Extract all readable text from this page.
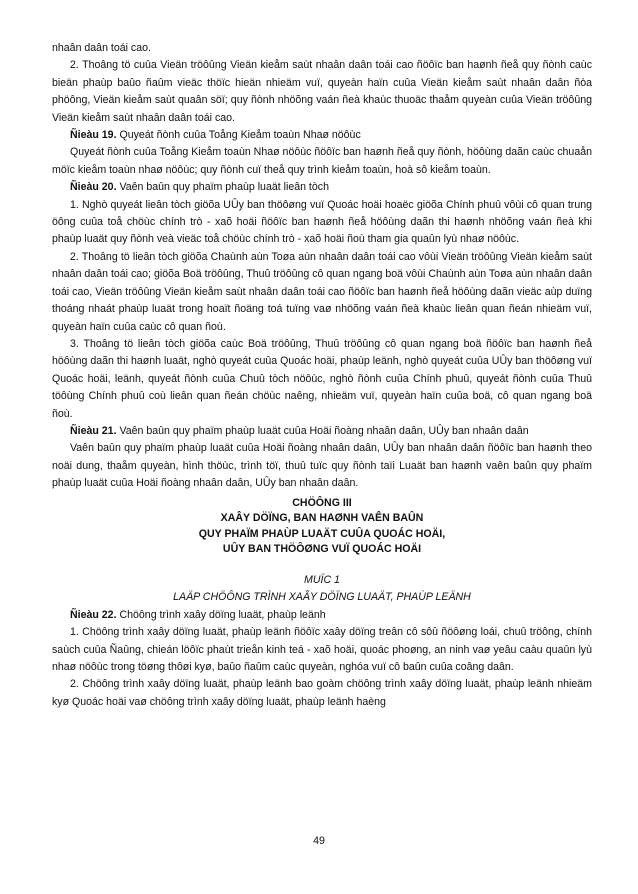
nhaân daân toái cao.

2. Thoâng tö cuûa Vieän tröôûng Vieän kieåm saùt nhaân daân toái cao ñöôïc ban haønh ñeå quy ñònh caùc bieän phaùp baûo ñaûm vieäc thöïc hieän nhieäm vuï, quyeàn haïn cuûa Vieän kieåm saùt nhaân daân ñòa phöông, Vieän kieåm saùt quaân söï; quy ñònh nhöõng vaán ñeà khaùc thuoäc thaåm quyeàn cuûa Vieän tröôûng Vieän kieåm saùt nhaân daân toái cao.

Ñieàu 19. Quyeát ñònh cuûa Toång Kieåm toaùn Nhaø nöôùc

Quyeát ñònh cuûa Toång Kieåm toaùn Nhaø nöôùc ñöôïc ban haønh ñeå quy ñònh, höôùng daãn caùc chuaån möïc kieåm toaùn nhaø nöôùc; quy ñònh cuï theå quy trình kieåm toaùn, hoà sô kieåm toaùn.

Ñieàu 20. Vaên baûn quy phaïm phaùp luaät lieân tòch

1. Nghò quyeát lieân tòch giöõa UÛy ban thöôøng vuï Quoác hoäi hoaëc giöõa Chính phuû vôùi cô quan trung öông cuûa toå chöùc chính trò - xaõ hoäi ñöôïc ban haønh ñeå höôùng daãn thi haønh nhöõng vaán ñeà khi phaùp luaät quy ñònh veà vieäc toå chöùc chính trò - xaõ hoäi ñoù tham gia quaûn lyù nhaø nöôùc.

2. Thoâng tö lieân tòch giöõa Chaùnh aùn Toøa aùn nhaân daân toái cao vôùi Vieän tröôûng Vieän kieåm saùt nhaân daân toái cao; giöõa Boä tröôûng, Thuû tröôûng cô quan ngang boä vôùi Chaùnh aùn Toøa aùn nhaân daân toái cao, Vieän tröôûng Vieän kieåm saùt nhaân daân toái cao ñöôïc ban haønh ñeå höôùng daãn vieäc aùp duïng thoáng nhaát phaùp luaät trong hoaït ñoäng toá tuïng vaø nhöõng vaán ñeà khaùc lieân quan ñeán nhieäm vuï, quyeàn haïn cuûa caùc cô quan ñoù.

3. Thoâng tö lieân tòch giöõa caùc Boä tröôûng, Thuû tröôûng cô quan ngang boä ñöôïc ban haønh ñeå höôùng daãn thi haønh luaät, nghò quyeát cuûa Quoác hoäi, phaùp leänh, nghò quyeát cuûa UÛy ban thöôøng vuï Quoác hoäi, leänh, quyeát ñònh cuûa Chuû tòch nöôùc, nghò ñònh cuûa Chính phuû, quyeát ñònh cuûa Thuû töôùng Chính phuû coù lieân quan ñeán chöùc naêng, nhieäm vuï, quyeàn haïn cuûa boä, cô quan ngang boä ñoù.

Ñieàu 21. Vaên baûn quy phaïm phaùp luaät cuûa Hoäi ñoàng nhaân daân, UÛy ban nhaân daân

Vaên baûn quy phaïm phaùp luaät cuûa Hoäi ñoàng nhaân daân, UÛy ban nhaân daân ñöôïc ban haønh theo noäi dung, thaåm quyeàn, hình thöùc, trình töï, thuû tuïc quy ñònh taïi Luaät ban haønh vaên baûn quy phaïm phaùp luaät cuûa Hoäi ñoàng nhaân daân, UÛy ban nhaân daân.

CHÖÔNG III

XAÂY DÖÏNG, BAN HAØNH VAÊN BAÛN

QUY PHAÏM PHAÙP LUAÄT CUÛA QUOÁC HOÄI,

UÛY BAN THÖÔØNG VUÏ QUOÁC HOÄI

MUÏC 1

LAÄP CHÖÔNG TRÌNH XAÂY DÖÏNG LUAÄT, PHAÙP LEÄNH

Ñieàu 22. Chöông trình xaây döïng luaät, phaùp leänh

1. Chöông trình xaây döïng luaät, phaùp leänh ñöôïc xaây döïng treân cô sôû ñöôøng loái, chuû tröông, chính saùch cuûa Ñaûng, chieán löôïc phaùt trieån kinh teá - xaõ hoäi, quoác phoøng, an ninh vaø yeâu caàu quaûn lyù nhaø nöôùc trong töøng thôøi kyø, baûo ñaûm caùc quyeàn, nghóa vuï cô baûn cuûa coâng daân.

2. Chöông trình xaây döïng luaät, phaùp leänh bao goàm chöông trình xaây döïng luaät, phaùp leänh nhieäm kyø Quoác hoäi vaø chöông trình xaây döïng luaät, phaùp leänh haèng

49
